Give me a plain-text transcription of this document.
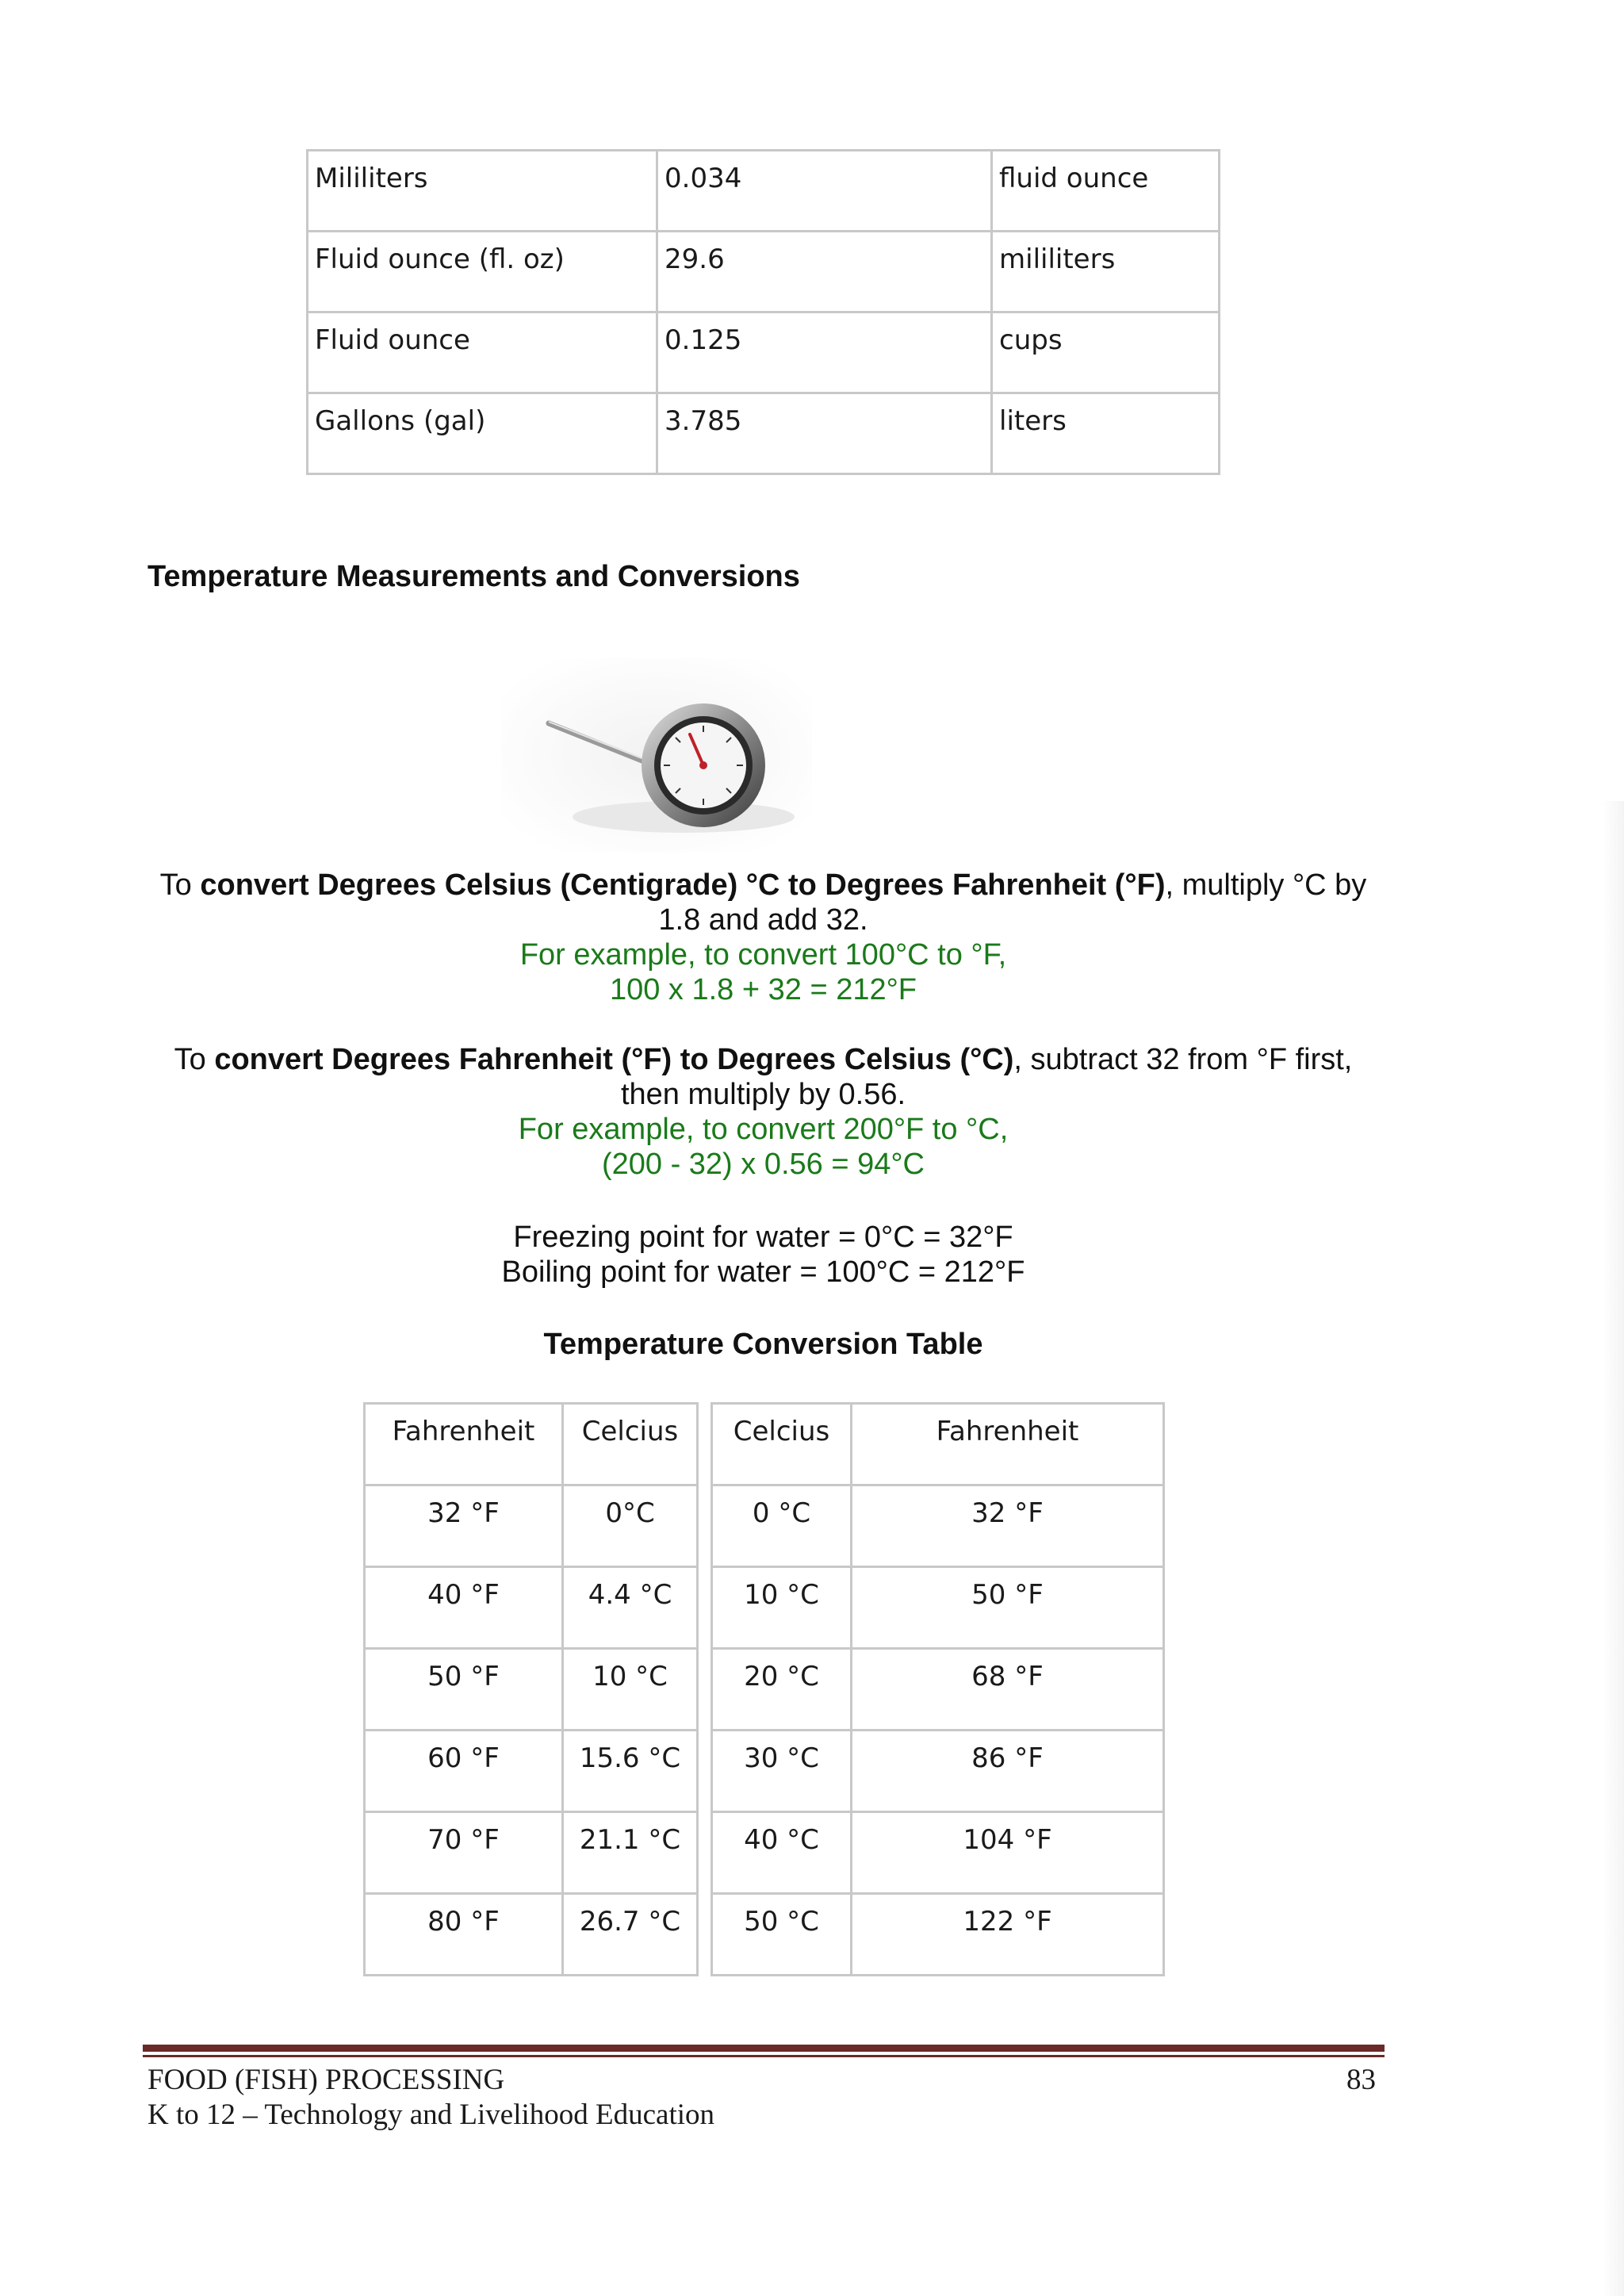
Mililiters	0.034	fluid ounce
Fluid ounce (fl. oz)	29.6	mililiters
Fluid ounce	0.125	cups
Gallons (gal)	3.785	liters
Temperature Measurements and Conversions
To convert Degrees Celsius (Centigrade) °C to Degrees Fahrenheit (°F), multiply °C by
1.8 and add 32.
For example, to convert 100°C to °F,
100 x 1.8 + 32 = 212°F
To convert Degrees Fahrenheit (°F) to Degrees Celsius (°C), subtract 32 from °F first,
then multiply by 0.56.
For example, to convert 200°F to °C,
(200 - 32) x 0.56 = 94°C
Freezing point for water = 0°C = 32°F
Boiling point for water = 100°C = 212°F
Temperature Conversion Table
Fahrenheit	Celcius		Celcius	Fahrenheit
32 °F	0°C		0 °C	32 °F
40 °F	4.4 °C		10 °C	50 °F
50 °F	10 °C		20 °C	68 °F
60 °F	15.6 °C		30 °C	86 °F
70 °F	21.1 °C		40 °C	104 °F
80 °F	26.7 °C		50 °C	122 °F
FOOD (FISH) PROCESSING
K to 12 – Technology and Livelihood Education
83
